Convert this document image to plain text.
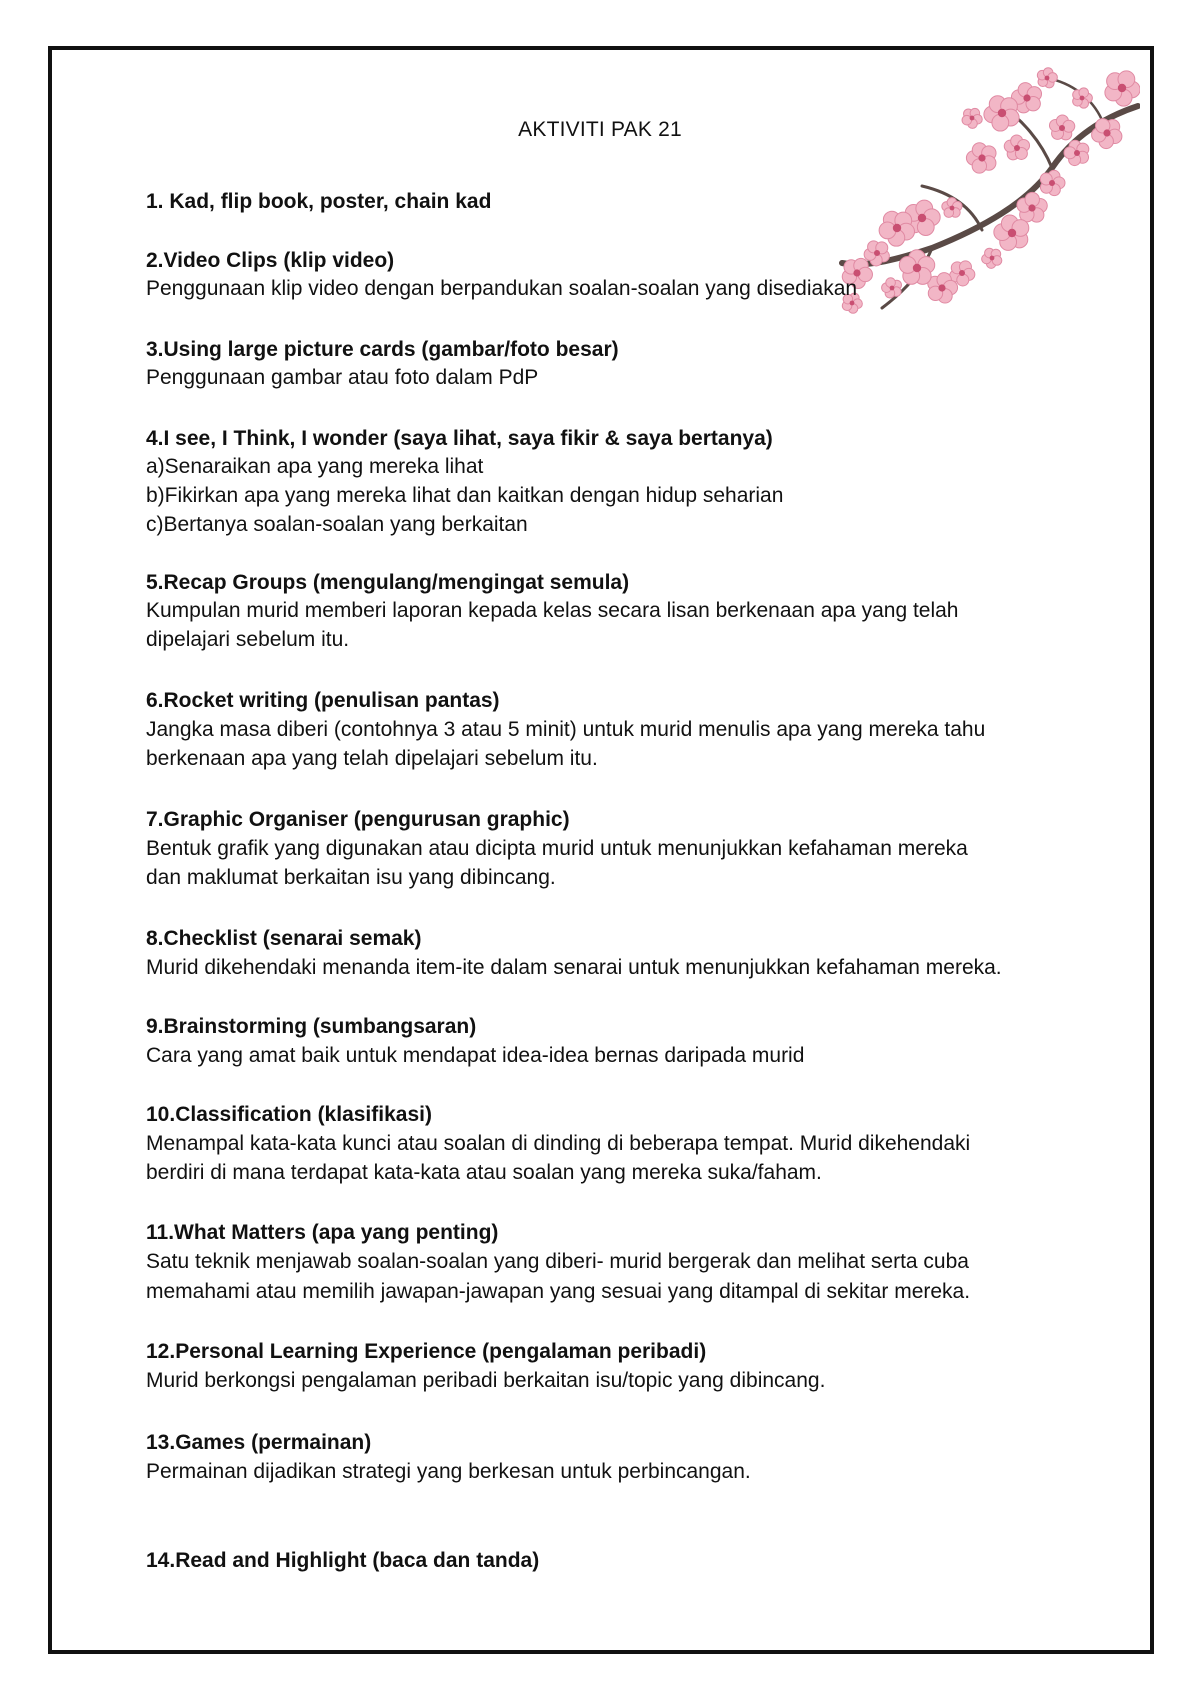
AKTIVITI PAK 21
1. Kad, flip book, poster, chain kad
2.Video Clips (klip video)
Penggunaan klip video dengan berpandukan soalan-soalan yang disediakan
3.Using large picture cards (gambar/foto besar)
Penggunaan gambar atau foto dalam PdP
4.I see, I Think, I wonder (saya lihat, saya fikir & saya bertanya)
a)Senaraikan apa yang mereka lihat
b)Fikirkan apa yang mereka lihat dan kaitkan dengan hidup seharian
c)Bertanya soalan-soalan yang berkaitan
5.Recap Groups (mengulang/mengingat semula)
Kumpulan murid memberi laporan kepada kelas secara lisan berkenaan apa yang telah
dipelajari sebelum itu.
6.Rocket writing (penulisan pantas)
Jangka masa diberi (contohnya 3 atau 5 minit) untuk murid menulis apa yang mereka tahu
berkenaan apa yang telah dipelajari sebelum itu.
7.Graphic Organiser (pengurusan graphic)
Bentuk grafik yang digunakan atau dicipta murid untuk menunjukkan kefahaman mereka
dan maklumat berkaitan isu yang dibincang.
8.Checklist (senarai semak)
Murid dikehendaki menanda item-ite dalam senarai untuk menunjukkan kefahaman mereka.
9.Brainstorming (sumbangsaran)
Cara yang amat baik untuk mendapat idea-idea bernas daripada murid
10.Classification (klasifikasi)
Menampal kata-kata kunci atau soalan di dinding di beberapa tempat. Murid dikehendaki
berdiri di mana terdapat kata-kata atau soalan yang mereka suka/faham.
11.What Matters (apa yang penting)
Satu teknik menjawab soalan-soalan yang diberi- murid bergerak dan melihat serta cuba
memahami atau memilih jawapan-jawapan yang sesuai yang ditampal di sekitar mereka.
12.Personal Learning Experience (pengalaman peribadi)
Murid berkongsi pengalaman peribadi berkaitan isu/topic yang dibincang.
13.Games (permainan)
Permainan dijadikan strategi yang berkesan untuk perbincangan.
14.Read and Highlight (baca dan tanda)
